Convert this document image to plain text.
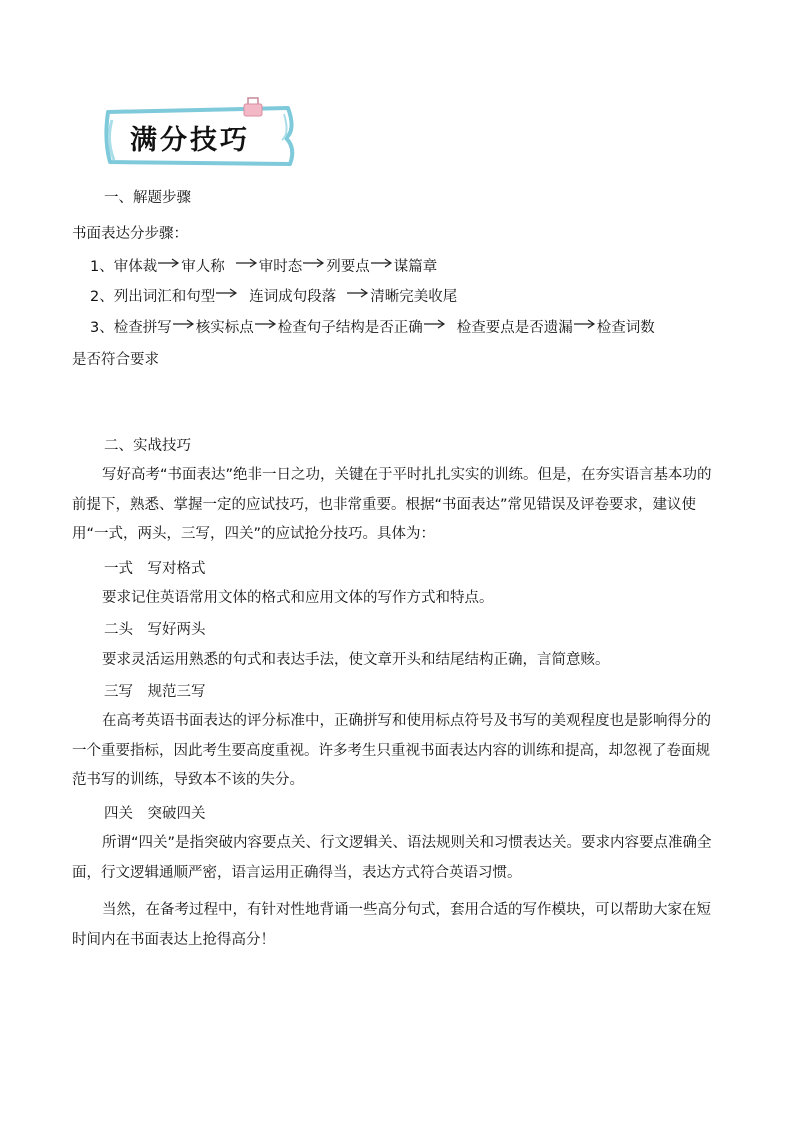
满分技巧
一、解题步骤
书面表达分步骤：
1、审体裁 审人称 审时态 列要点 谋篇章
2、列出词汇和句型 连词成句段落 清晰完美收尾
3、检查拼写 核实标点 检查句子结构是否正确 检查要点是否遗漏 检查词数
是否符合要求
二、实战技巧
写好高考“书面表达”绝非一日之功，关键在于平时扎扎实实的训练。但是，在夯实语言基本功的前提下，熟悉、掌握一定的应试技巧，也非常重要。根据“书面表达”常见错误及评卷要求，建议使用“一式，两头，三写，四关”的应试抢分技巧。具体为：
一式　 写对格式
要求记住英语常用文体的格式和应用文体的写作方式和特点。
二头　 写好两头
要求灵活运用熟悉的句式和表达手法，使文章开头和结尾结构正确，言简意赅。
三写　 规范三写
在高考英语书面表达的评分标准中，正确拼写和使用标点符号及书写的美观程度也是影响得分的一个重要指标，因此考生要高度重视。许多考生只重视书面表达内容的训练和提高，却忽视了卷面规范书写的训练，导致本不该的失分。
四关　 突破四关
所谓“四关”是指突破内容要点关、行文逻辑关、语法规则关和习惯表达关。要求内容要点准确全面，行文逻辑通顺严密，语言运用正确得当，表达方式符合英语习惯。
当然，在备考过程中，有针对性地背诵一些高分句式，套用合适的写作模块，可以帮助大家在短时间内在书面表达上抢得高分！
